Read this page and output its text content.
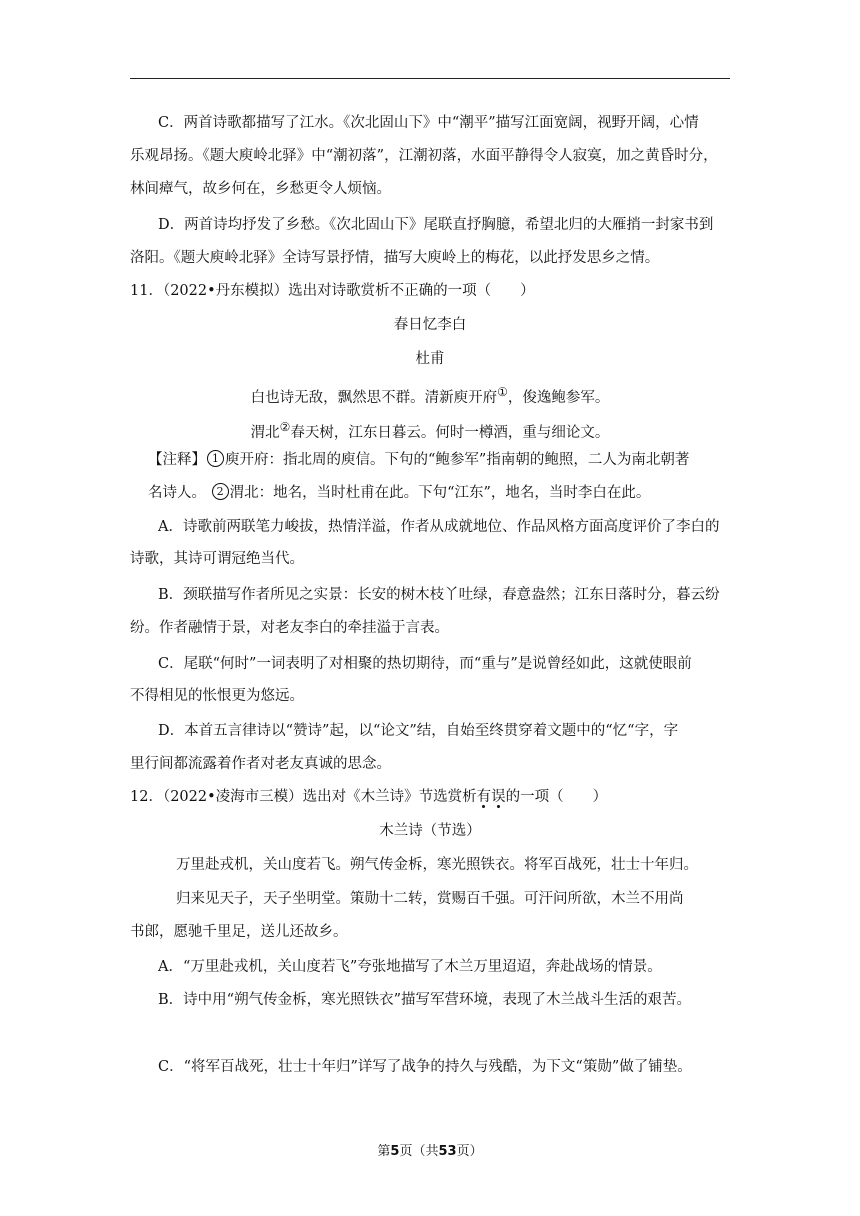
C．两首诗歌都描写了江水。《次北固山下》中“潮平”描写江面宽阔，视野开阔，心情
乐观昂扬。《题大庾岭北驿》中“潮初落”，江潮初落，水面平静得令人寂寞，加之黄昏时分，
林间瘴气，故乡何在，乡愁更令人烦恼。
D．两首诗均抒发了乡愁。《次北固山下》尾联直抒胸臆，希望北归的大雁捎一封家书到
洛阳。《题大庾岭北驿》全诗写景抒情，描写大庾岭上的梅花，以此抒发思乡之情。
11．（2022•丹东模拟）选出对诗歌赏析不正确的一项（　　）
春日忆李白
杜甫
白也诗无敌，飘然思不群。清新庾开府①，俊逸鲍参军。
渭北②春天树，江东日暮云。何时一樽酒，重与细论文。
【注释】 1 庾开府：指北周的庾信。下句的“鲍参军”指南朝的鲍照，二人为南北朝著
名诗人。 2 渭北：地名，当时杜甫在此。下句“江东”，地名，当时李白在此。
A．诗歌前两联笔力峻拔，热情洋溢，作者从成就地位、作品风格方面高度评价了李白的
诗歌，其诗可谓冠绝当代。
B．颈联描写作者所见之实景：长安的树木枝丫吐绿，春意盎然；江东日落时分，暮云纷
纷。作者融情于景，对老友李白的牵挂溢于言表。
C．尾联“何时”一词表明了对相聚的热切期待，而“重与”是说曾经如此，这就使眼前
不得相见的怅恨更为悠远。
D．本首五言律诗以“赞诗”起，以“论文”结，自始至终贯穿着文题中的“忆“字，字
里行间都流露着作者对老友真诚的思念。
12．（2022•凌海市三模）选出对《木兰诗》节选赏析有误的一项（　　）
木兰诗（节选）
万里赴戎机，关山度若飞。朔气传金柝，寒光照铁衣。将军百战死，壮士十年归。
归来见天子，天子坐明堂。策勋十二转，赏赐百千强。可汗问所欲，木兰不用尚
书郎，愿驰千里足，送儿还故乡。
A．“万里赴戎机，关山度若飞”夸张地描写了木兰万里迢迢，奔赴战场的情景。
B．诗中用“朔气传金柝，寒光照铁衣”描写军营环境，表现了木兰战斗生活的艰苦。
C．“将军百战死，壮士十年归”详写了战争的持久与残酷，为下文“策勋”做了铺垫。
第5页（共53页）
